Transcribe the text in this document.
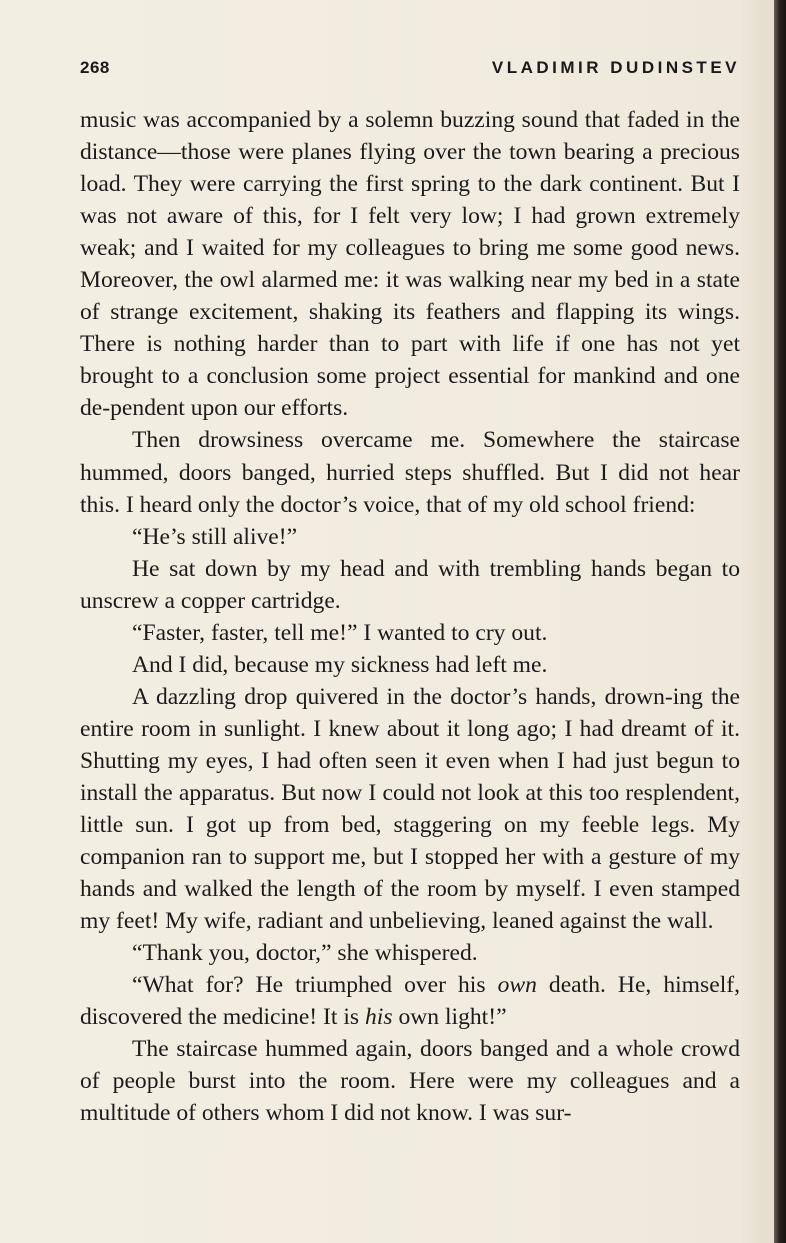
268	VLADIMIR DUDINSTEV

music was accompanied by a solemn buzzing sound that faded in the distance—those were planes flying over the town bearing a precious load. They were carrying the first spring to the dark continent. But I was not aware of this, for I felt very low; I had grown extremely weak; and I waited for my colleagues to bring me some good news. Moreover, the owl alarmed me: it was walking near my bed in a state of strange excitement, shaking its feathers and flapping its wings. There is nothing harder than to part with life if one has not yet brought to a conclusion some project essential for mankind and one de-pendent upon our efforts.

Then drowsiness overcame me. Somewhere the staircase hummed, doors banged, hurried steps shuffled. But I did not hear this. I heard only the doctor’s voice, that of my old school friend:

“He’s still alive!”

He sat down by my head and with trembling hands began to unscrew a copper cartridge.

“Faster, faster, tell me!” I wanted to cry out.

And I did, because my sickness had left me.

A dazzling drop quivered in the doctor’s hands, drown-ing the entire room in sunlight. I knew about it long ago; I had dreamt of it. Shutting my eyes, I had often seen it even when I had just begun to install the apparatus. But now I could not look at this too resplendent, little sun. I got up from bed, staggering on my feeble legs. My companion ran to support me, but I stopped her with a gesture of my hands and walked the length of the room by myself. I even stamped my feet! My wife, radiant and unbelieving, leaned against the wall.

“Thank you, doctor,” she whispered.

“What for? He triumphed over his own death. He, himself, discovered the medicine! It is his own light!”

The staircase hummed again, doors banged and a whole crowd of people burst into the room. Here were my colleagues and a multitude of others whom I did not know. I was sur-
